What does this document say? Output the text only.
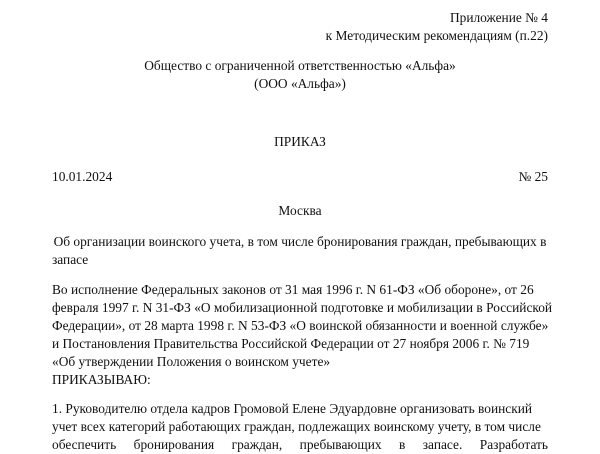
Приложение № 4
к Методическим рекомендациям (п.22)
Общество с ограниченной ответственностью «Альфа»
(ООО «Альфа»)
ПРИКАЗ
10.01.2024	№ 25
Москва
Об организации воинского учета, в том числе бронирования граждан, пребывающих в
запасе
Во исполнение Федеральных законов от 31 мая 1996 г. N 61-ФЗ «Об обороне», от 26
февраля 1997 г. N 31-ФЗ «О мобилизационной подготовке и мобилизации в Российской
Федерации», от 28 марта 1998 г. N 53-ФЗ «О воинской обязанности и военной службе»
и Постановления Правительства Российской Федерации от 27 ноября 2006 г. № 719
«Об утверждении Положения о воинском учете»
ПРИКАЗЫВАЮ:
1. Руководителю отдела кадров Громовой Елене Эдуардовне организовать воинский
учет всех категорий работающих граждан, подлежащих воинскому учету, в том числе
обеспечить бронирования граждан, пребывающих в запасе. Разработать
